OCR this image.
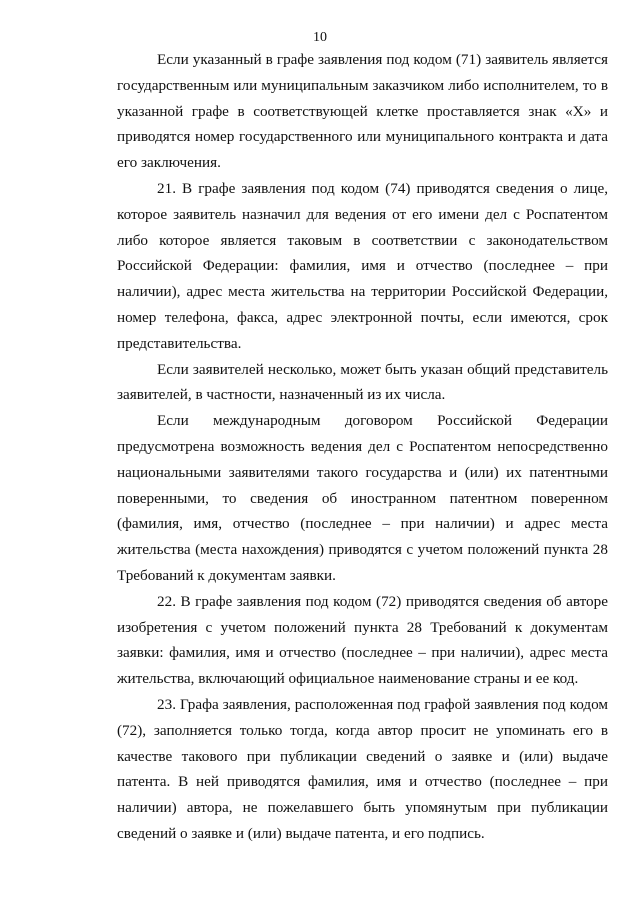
10

Если указанный в графе заявления под кодом (71) заявитель является государственным или муниципальным заказчиком либо исполнителем, то в указанной графе в соответствующей клетке проставляется знак «X» и приводятся номер государственного или муниципального контракта и дата его заключения.

21. В графе заявления под кодом (74) приводятся сведения о лице, которое заявитель назначил для ведения от его имени дел с Роспатентом либо которое является таковым в соответствии с законодательством Российской Федерации: фамилия, имя и отчество (последнее – при наличии), адрес места жительства на территории Российской Федерации, номер телефона, факса, адрес электронной почты, если имеются, срок представительства.

Если заявителей несколько, может быть указан общий представитель заявителей, в частности, назначенный из их числа.

Если международным договором Российской Федерации предусмотрена возможность ведения дел с Роспатентом непосредственно национальными заявителями такого государства и (или) их патентными поверенными, то сведения об иностранном патентном поверенном (фамилия, имя, отчество (последнее – при наличии) и адрес места жительства (места нахождения) приводятся с учетом положений пункта 28 Требований к документам заявки.

22. В графе заявления под кодом (72) приводятся сведения об авторе изобретения с учетом положений пункта 28 Требований к документам заявки: фамилия, имя и отчество (последнее – при наличии), адрес места жительства, включающий официальное наименование страны и ее код.

23. Графа заявления, расположенная под графой заявления под кодом (72), заполняется только тогда, когда автор просит не упоминать его в качестве такового при публикации сведений о заявке и (или) выдаче патента. В ней приводятся фамилия, имя и отчество (последнее – при наличии) автора, не пожелавшего быть упомянутым при публикации сведений о заявке и (или) выдаче патента, и его подпись.
